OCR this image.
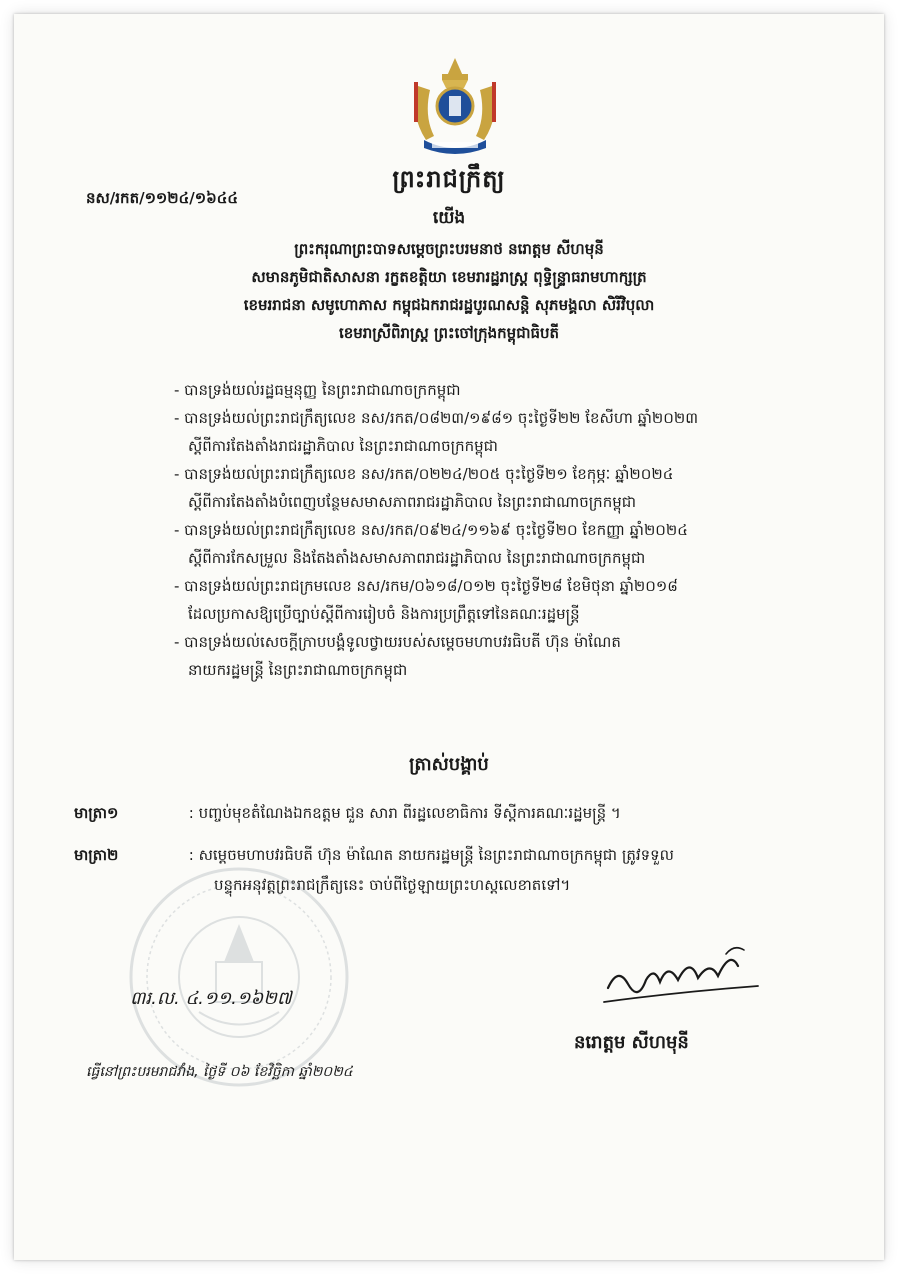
ព្រះរាជក្រឹត្យ
នស/រកត/១១២៤/១៦៤៤
យើង
ព្រះករុណាព្រះបាទសម្តេចព្រះបរមនាថ នរោត្តម សីហមុនី
សមានភូមិជាតិសាសនា រក្ខតខត្តិយា ខេមរារដ្ឋរាស្ត្រ ពុទ្ធិន្ទ្រាធរាមហាក្សត្រ
ខេមររាជនា សមូហោភាស កម្ពុជឯករាជរដ្ឋបូរណសន្តិ សុភមង្គលា សិរីវិបុលា
ខេមរាស្រីពិរាស្ត្រ ព្រះចៅក្រុងកម្ពុជាធិបតី
- បានទ្រង់យល់រដ្ឋធម្មនុញ្ញ នៃព្រះរាជាណាចក្រកម្ពុជា
- បានទ្រង់យល់ព្រះរាជក្រឹត្យលេខ នស/រកត/០៨២៣/១៩៨១ ចុះថ្ងៃទី២២ ខែសីហា ឆ្នាំ២០២៣
ស្តីពីការតែងតាំងរាជរដ្ឋាភិបាល នៃព្រះរាជាណាចក្រកម្ពុជា
- បានទ្រង់យល់ព្រះរាជក្រឹត្យលេខ នស/រកត/០២២៤/២០៥ ចុះថ្ងៃទី២១ ខែកុម្ភៈ ឆ្នាំ២០២៤
ស្តីពីការតែងតាំងបំពេញបន្ថែមសមាសភាពរាជរដ្ឋាភិបាល នៃព្រះរាជាណាចក្រកម្ពុជា
- បានទ្រង់យល់ព្រះរាជក្រឹត្យលេខ នស/រកត/០៩២៤/១១៦៩ ចុះថ្ងៃទី២០ ខែកញ្ញា ឆ្នាំ២០២៤
ស្តីពីការកែសម្រួល និងតែងតាំងសមាសភាពរាជរដ្ឋាភិបាល នៃព្រះរាជាណាចក្រកម្ពុជា
- បានទ្រង់យល់ព្រះរាជក្រមលេខ នស/រកម/០៦១៨/០១២ ចុះថ្ងៃទី២៨ ខែមិថុនា ឆ្នាំ២០១៨
ដែលប្រកាសឱ្យប្រើច្បាប់ស្តីពីការរៀបចំ និងការប្រព្រឹត្តទៅនៃគណៈរដ្ឋមន្ត្រី
- បានទ្រង់យល់សេចក្តីក្រាបបង្គំទូលថ្វាយរបស់សម្តេចមហាបវរធិបតី ហ៊ុន ម៉ាណែត
នាយករដ្ឋមន្ត្រី នៃព្រះរាជាណាចក្រកម្ពុជា
ត្រាស់បង្គាប់
មាត្រា១	: បញ្ចប់មុខតំណែងឯកឧត្តម ជួន សារា ពីរដ្ឋលេខាធិការ ទីស្តីការគណៈរដ្ឋមន្ត្រី ។
មាត្រា២	: សម្តេចមហាបវរធិបតី ហ៊ុន ម៉ាណែត នាយករដ្ឋមន្ត្រី នៃព្រះរាជាណាចក្រកម្ពុជា ត្រូវទទួល
បន្ទុកអនុវត្តព្រះរាជក្រឹត្យនេះ ចាប់ពីថ្ងៃឡាយព្រះហស្តលេខាតទៅ។
៣រ.ល. ៤.១១.១៦២៧
នរោត្តម សីហមុនី
ធ្វើនៅព្រះបរមរាជវាំង, ថ្ងៃទី ០៦ ខែវិច្ឆិកា ឆ្នាំ២០២៤
